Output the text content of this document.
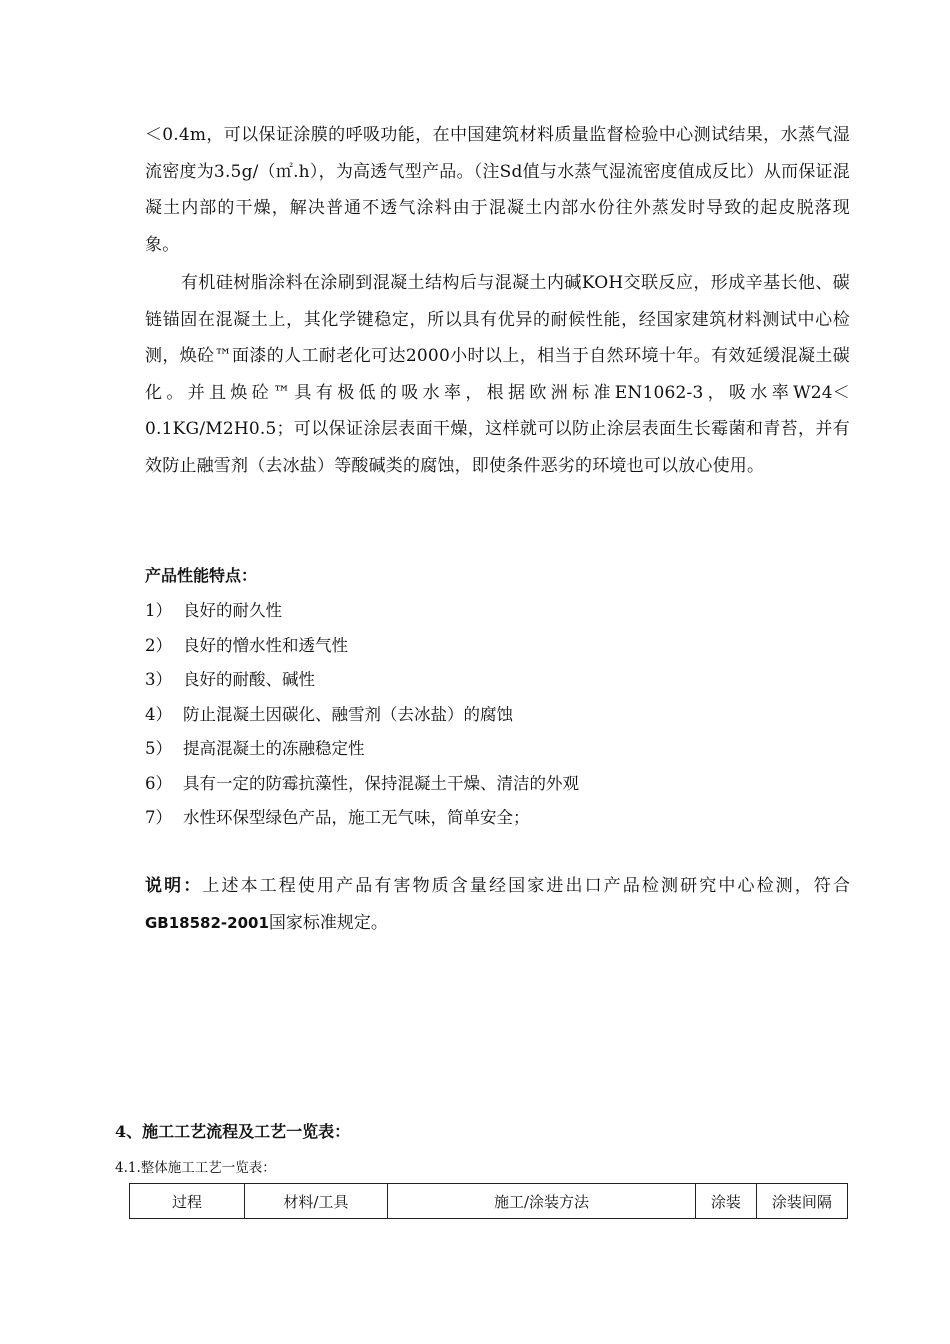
＜0.4m，可以保证涂膜的呼吸功能，在中国建筑材料质量监督检验中心测试结果，水蒸气湿流密度为3.5g/（㎡.h），为高透气型产品。（注Sd值与水蒸气湿流密度值成反比）从而保证混凝土内部的干燥，解决普通不透气涂料由于混凝土内部水份往外蒸发时导致的起皮脱落现象。

有机硅树脂涂料在涂刷到混凝土结构后与混凝土内碱KOH交联反应，形成辛基长他、碳链锚固在混凝土上，其化学键稳定，所以具有优异的耐候性能，经国家建筑材料测试中心检测，焕砼™面漆的人工耐老化可达2000小时以上，相当于自然环境十年。有效延缓混凝土碳化。并且焕砼™具有极低的吸水率，根据欧洲标准EN1062-3，吸水率W24＜0.1KG/M2H0.5；可以保证涂层表面干燥，这样就可以防止涂层表面生长霉菌和青苔，并有效防止融雪剂（去冰盐）等酸碱类的腐蚀，即使条件恶劣的环境也可以放心使用。

产品性能特点：

1） 良好的耐久性
2） 良好的憎水性和透气性
3） 良好的耐酸、碱性
4） 防止混凝土因碳化、融雪剂（去冰盐）的腐蚀
5） 提高混凝土的冻融稳定性
6） 具有一定的防霉抗藻性，保持混凝土干燥、清洁的外观
7） 水性环保型绿色产品，施工无气味，简单安全；

说明：上述本工程使用产品有害物质含量经国家进出口产品检测研究中心检测，符合GB18582-2001国家标准规定。

4、施工工艺流程及工艺一览表：

4.1.整体施工工艺一览表：

过程	材料/工具	施工/涂装方法	涂装	涂装间隔
